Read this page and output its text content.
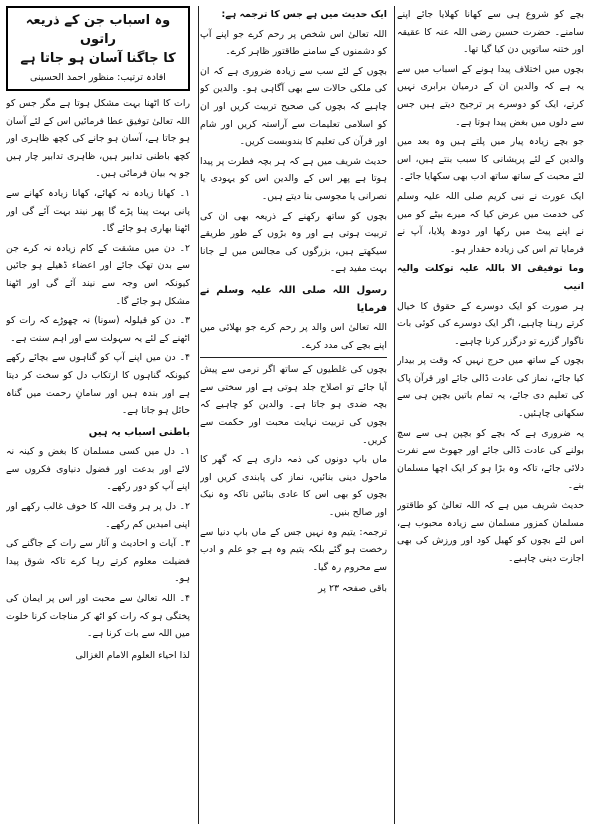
بچے کو شروع ہی سے کھانا کھلایا جائے اپنے سامنے۔ حضرت حسین رضی اللہ عنہ کا عقیقہ اور ختنہ ساتویں دن کیا گیا تھا۔

بچوں میں اختلاف پیدا ہونے کے اسباب میں سے یہ ہے کہ والدین ان کے درمیان برابری نہیں کرتے، ایک کو دوسرے پر ترجیح دیتے ہیں جس سے دلوں میں بغض پیدا ہوتا ہے۔

جو بچے زیادہ پیار میں پلتے ہیں وہ بعد میں والدین کے لئے پریشانی کا سبب بنتے ہیں، اس لئے محبت کے ساتھ ساتھ ادب بھی سکھایا جائے۔

ایک عورت نے نبی کریم صلی اللہ علیہ وسلم کی خدمت میں عرض کیا کہ میرے بیٹے کو میں نے اپنے پیٹ میں رکھا اور دودھ پلایا، آپ نے فرمایا تم اس کی زیادہ حقدار ہو۔

وما توفیقی الا باللہ علیہ توکلت والیہ انیب

ہر صورت کو ایک دوسرے کے حقوق کا خیال کرتے رہنا چاہیے، اگر ایک دوسرے کی کوئی بات ناگوار گزرے تو درگزر کرنا چاہیے۔

بچوں کے ساتھ میں حرج نہیں کہ وقت پر بیدار کیا جائے، نماز کی عادت ڈالی جائے اور قرآن پاک کی تعلیم دی جائے، یہ تمام باتیں بچپن ہی سے سکھانی چاہئیں۔

یہ ضروری ہے کہ بچے کو بچپن ہی سے سچ بولنے کی عادت ڈالی جائے اور جھوٹ سے نفرت دلائی جائے، تاکہ وہ بڑا ہو کر ایک اچھا مسلمان بنے۔

حدیث شریف میں ہے کہ اللہ تعالیٰ کو طاقتور مسلمان کمزور مسلمان سے زیادہ محبوب ہے، اس لئے بچوں کو کھیل کود اور ورزش کی بھی اجازت دینی چاہیے۔

ایک حدیث میں ہے جس کا ترجمہ ہے:

اللہ تعالیٰ اس شخص پر رحم کرے جو اپنے آپ کو دشمنوں کے سامنے طاقتور ظاہر کرے۔

بچوں کے لئے سب سے زیادہ ضروری ہے کہ ان کی ملکی حالات سے بھی آگاہی ہو۔ والدین کو چاہیے کہ بچوں کی صحیح تربیت کریں اور ان کو اسلامی تعلیمات سے آراستہ کریں اور شام اور قرآن کی تعلیم کا بندوبست کریں۔

حدیث شریف میں ہے کہ ہر بچہ فطرت پر پیدا ہوتا ہے پھر اس کے والدین اس کو یہودی یا نصرانی یا مجوسی بنا دیتے ہیں۔

بچوں کو ساتھ رکھنے کے ذریعہ بھی ان کی تربیت ہوتی ہے اور وہ بڑوں کے طور طریقے سیکھتے ہیں، بزرگوں کی مجالس میں لے جانا بہت مفید ہے۔

رسول اللہ صلی اللہ علیہ وسلم نے فرمایا

اللہ تعالیٰ اس والد پر رحم کرے جو بھلائی میں اپنے بچے کی مدد کرے۔

بچوں کی غلطیوں کے ساتھ اگر نرمی سے پیش آیا جائے تو اصلاح جلد ہوتی ہے اور سختی سے بچہ ضدی ہو جاتا ہے۔ والدین کو چاہیے کہ بچوں کی تربیت نہایت محبت اور حکمت سے کریں۔

ماں باپ دونوں کی ذمہ داری ہے کہ گھر کا ماحول دینی بنائیں، نماز کی پابندی کریں اور بچوں کو بھی اس کا عادی بنائیں تاکہ وہ نیک اور صالح بنیں۔

ترجمہ: یتیم وہ نہیں جس کے ماں باپ دنیا سے رخصت ہو گئے بلکہ یتیم وہ ہے جو علم و ادب سے محروم رہ گیا۔

باقی صفحہ ۲۳ پر

وہ اسباب جن کے ذریعہ راتوں
کا جاگنا آسان ہو جاتا ہے
افادہ ترتیب: منظور احمد الحسینی

رات کا اٹھنا بہت مشکل ہوتا ہے مگر جس کو اللہ تعالیٰ توفیق عطا فرمائیں اس کے لئے آسان ہو جاتا ہے، آسان ہو جانے کی کچھ ظاہری اور کچھ باطنی تدابیر ہیں، ظاہری تدابیر چار ہیں جو یہ بیان فرمائی ہیں۔

۱۔ کھانا زیادہ نہ کھائے، کھانا زیادہ کھانے سے پانی بہت پینا پڑے گا پھر نیند بہت آئے گی اور اٹھنا بھاری ہو جائے گا۔

۲۔ دن میں مشقت کے کام زیادہ نہ کرے جن سے بدن تھک جائے اور اعضاء ڈھیلے ہو جائیں کیونکہ اس وجہ سے نیند آئے گی اور اٹھنا مشکل ہو جائے گا۔

۳۔ دن کو قیلولہ (سونا) نہ چھوڑے کہ رات کو اٹھنے کے لئے یہ سہولت سے اور اہم سنت ہے۔

۴۔ دن میں اپنے آپ کو گناہوں سے بچائے رکھے کیونکہ گناہوں کا ارتکاب دل کو سخت کر دیتا ہے اور بندہ ہیں اور سامانِ رحمت میں گناہ حائل ہو جاتا ہے۔

باطنی اسباب یہ ہیں

۱۔ دل میں کسی مسلمان کا بغض و کینہ نہ لائے اور بدعت اور فضول دنیاوی فکروں سے اپنے آپ کو دور رکھے۔

۲۔ دل پر ہر وقت اللہ کا خوف غالب رکھے اور اپنی امیدیں کم رکھے۔

۳۔ آیات و احادیث و آثار سے رات کے جاگنے کی فضیلت معلوم کرتے رہا کرے تاکہ شوق پیدا ہو۔

۴۔ اللہ تعالیٰ سے محبت اور اس پر ایمان کی پختگی ہو کہ رات کو اٹھ کر مناجات کرنا خلوت میں اللہ سے بات کرنا ہے۔

لذا احیاء العلوم الامام الغزالی
